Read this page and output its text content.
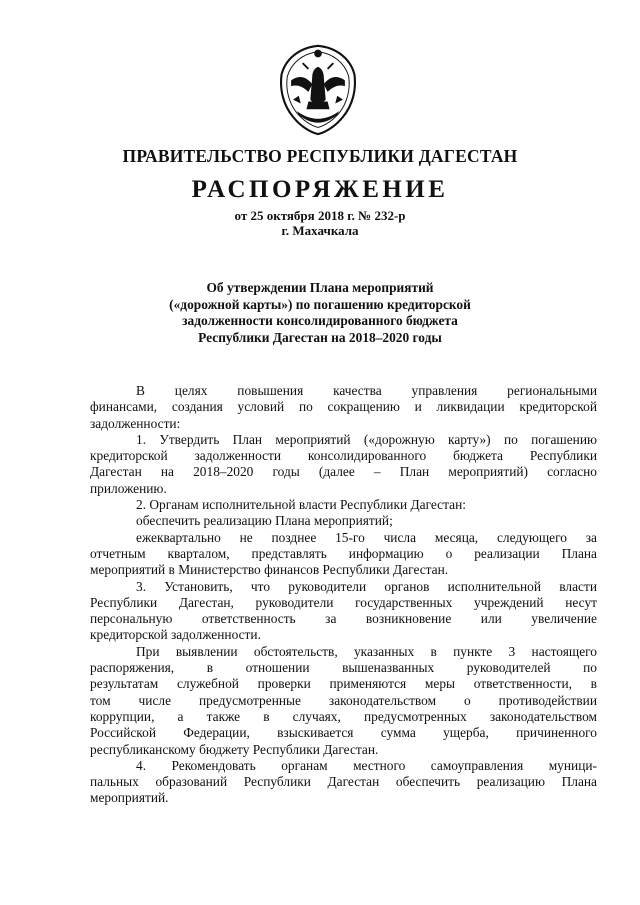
ПРАВИТЕЛЬСТВО РЕСПУБЛИКИ ДАГЕСТАН
РАСПОРЯЖЕНИЕ
от 25 октября 2018 г. № 232-р
г. Махачкала
Об утверждении Плана мероприятий
(«дорожной карты») по погашению кредиторской
задолженности консолидированного бюджета
Республики Дагестан на 2018–2020 годы
В целях повышения качества управления региональными
финансами, создания условий по сокращению и ликвидации кредиторской
задолженности:
1. Утвердить План мероприятий («дорожную карту») по погашению
кредиторской задолженности консолидированного бюджета Республики
Дагестан на 2018–2020 годы (далее – План мероприятий) согласно
приложению.
2. Органам исполнительной власти Республики Дагестан:
обеспечить реализацию Плана мероприятий;
ежеквартально не позднее 15-го числа месяца, следующего за
отчетным кварталом, представлять информацию о реализации Плана
мероприятий в Министерство финансов Республики Дагестан.
3. Установить, что руководители органов исполнительной власти
Республики Дагестан, руководители государственных учреждений несут
персональную ответственность за возникновение или увеличение
кредиторской задолженности.
При выявлении обстоятельств, указанных в пункте 3 настоящего
распоряжения, в отношении вышеназванных руководителей по
результатам служебной проверки применяются меры ответственности, в
том числе предусмотренные законодательством о противодействии
коррупции, а также в случаях, предусмотренных законодательством
Российской Федерации, взыскивается сумма ущерба, причиненного
республиканскому бюджету Республики Дагестан.
4. Рекомендовать органам местного самоуправления муници-
пальных образований Республики Дагестан обеспечить реализацию Плана
мероприятий.
